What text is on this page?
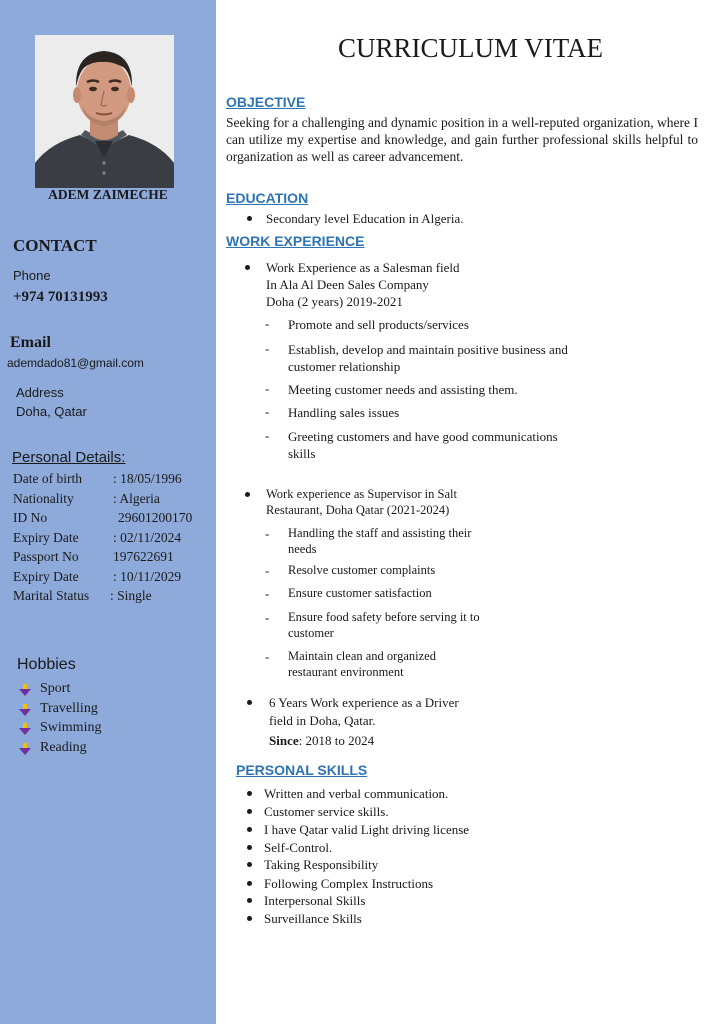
ADEM ZAIMECHE
CONTACT
Phone
+974 70131993
Email
ademdado81@gmail.com
Address
Doha, Qatar
Personal Details:
Date of birth : 18/05/1996
Nationality	: Algeria
ID No	29601200170
Expiry Date	: 02/11/2024
Passport No	197622691
Expiry Date	: 10/11/2029
Marital Status : Single
Hobbies
Sport
Travelling
Swimming
Reading
CURRICULUM VITAE
OBJECTIVE
Seeking for a challenging and dynamic position in a well-reputed organization, where I can utilize my expertise and knowledge, and gain further professional skills helpful to organization as well as career advancement.
EDUCATION
Secondary level Education in Algeria.
WORK EXPERIENCE
Work Experience as a Salesman field
In Ala Al Deen Sales Company
Doha (2 years) 2019-2021
- Promote and sell products/services
- Establish, develop and maintain positive business and
customer relationship
- Meeting customer needs and assisting them.
- Handling sales issues
- Greeting customers and have good communications
skills
Work experience as Supervisor in Salt
Restaurant, Doha Qatar (2021-2024)
- Handling the staff and assisting their
needs
- Resolve customer complaints
- Ensure customer satisfaction
- Ensure food safety before serving it to
customer
- Maintain clean and organized
restaurant environment
6 Years Work experience as a Driver
field in Doha, Qatar.
Since: 2018 to 2024
PERSONAL SKILLS
Written and verbal communication.
Customer service skills.
I have Qatar valid Light driving license
Self-Control.
Taking Responsibility
Following Complex Instructions
Interpersonal Skills
Surveillance Skills
